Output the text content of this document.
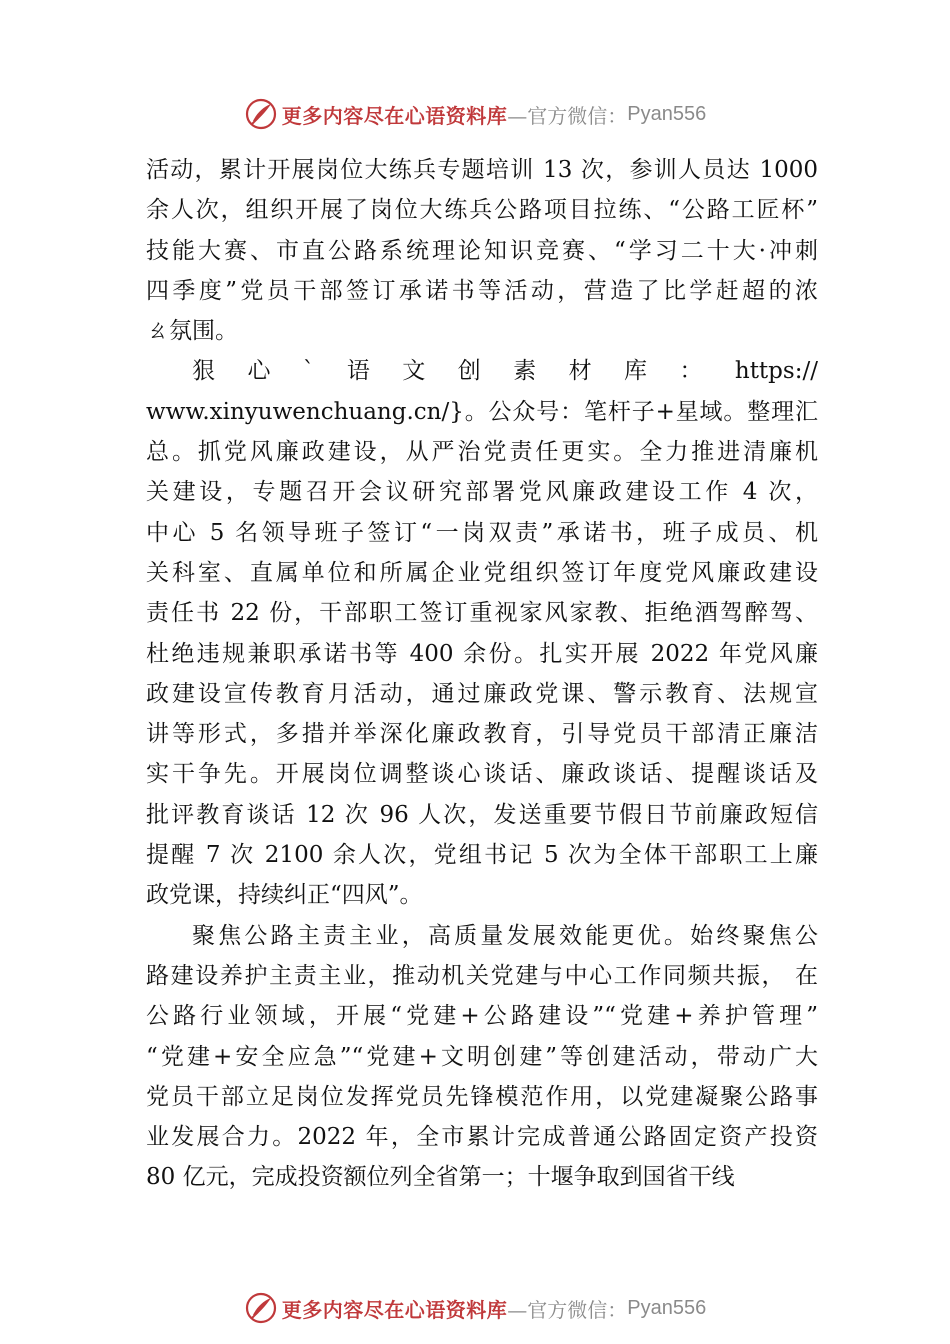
更多内容尽在心语资料库 —官方微信： Pyan556
活动，累计开展岗位大练兵专题培训 13 次，参训人员达 1000
余人次，组织开展了岗位大练兵公路项目拉练、“公路工匠杯”
技能大赛、市直公路系统理论知识竞赛、“学习二十大·冲刺
四季度”党员干部签订承诺书等活动，营造了比学赶超的浓
ㄠ氛围。
狠 心 ` 语 文 创 素 材 库 ： https://
www.xinyuwenchuang.cn/}。公众号：笔杆子+星域。整理汇
总。抓党风廉政建设，从严治党责任更实。全力推进清廉机
关建设，专题召开会议研究部署党风廉政建设工作 4 次，
中心 5 名领导班子签订“一岗双责”承诺书，班子成员、机
关科室、直属单位和所属企业党组织签订年度党风廉政建设
责任书 22 份，干部职工签订重视家风家教、拒绝酒驾醉驾、
杜绝违规兼职承诺书等 400 余份。扎实开展 2022 年党风廉
政建设宣传教育月活动，通过廉政党课、警示教育、法规宣
讲等形式，多措并举深化廉政教育，引导党员干部清正廉洁
实干争先。开展岗位调整谈心谈话、廉政谈话、提醒谈话及
批评教育谈话 12 次 96 人次，发送重要节假日节前廉政短信
提醒 7 次 2100 余人次，党组书记 5 次为全体干部职工上廉
政党课，持续纠正“四风”。
聚焦公路主责主业，高质量发展效能更优。始终聚焦公
路建设养护主责主业，推动机关党建与中心工作同频共振， 在
公路行业领域，开展“党建+公路建设”“党建+养护管理”
“党建+安全应急”“党建+文明创建”等创建活动，带动广大
党员干部立足岗位发挥党员先锋模范作用，以党建凝聚公路事
业发展合力。2022 年，全市累计完成普通公路固定资产投资
80 亿元，完成投资额位列全省第一；十堰争取到国省干线
更多内容尽在心语资料库 —官方微信： Pyan556
